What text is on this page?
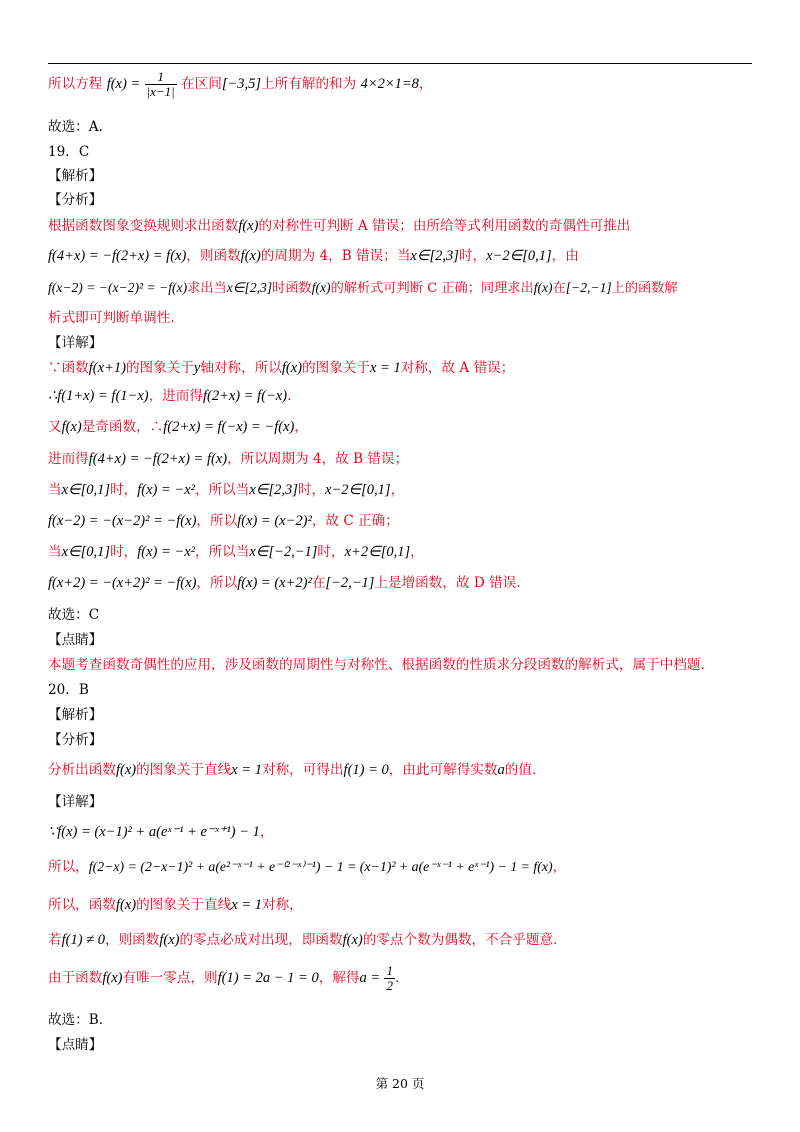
所以方程 $f(x) = \frac{1}{|x-1|}$ 在区间[−3,5]上所有解的和为 4×2×1=8，
故选：A.
19．C
【解析】
【分析】
根据函数图象变换规则求出函数f(x)的对称性可判断 A 错误；由所给等式利用函数的奇偶性可推出
f(4+x) = −f(2+x) = f(x)，则函数f(x)的周期为 4，B 错误；当x∈[2,3]时，x−2∈[0,1]，由
f(x−2) = −(x−2)² = −f(x)求出当x∈[2,3]时函数f(x)的解析式可判断 C 正确；同理求出f(x)在[−2,−1]上的函数解
析式即可判断单调性.
【详解】
∵函数f(x+1)的图象关于y轴对称，所以f(x)的图象关于x = 1对称，故 A 错误；
∴f(1+x) = f(1−x)，进而得f(2+x) = f(−x).
又f(x)是奇函数，∴f(2+x) = f(−x) = −f(x)，
进而得f(4+x) = −f(2+x) = f(x)，所以周期为 4，故 B 错误；
当x∈[0,1]时，f(x) = −x²，所以当x∈[2,3]时，x−2∈[0,1]，
f(x−2) = −(x−2)² = −f(x)，所以f(x) = (x−2)²，故 C 正确；
当x∈[0,1]时，f(x) = −x²，所以当x∈[−2,−1]时，x+2∈[0,1]，
f(x+2) = −(x+2)² = −f(x)，所以f(x) = (x+2)²在[−2,−1]上是增函数，故 D 错误.
故选：C
【点睛】
本题考查函数奇偶性的应用，涉及函数的周期性与对称性、根据函数的性质求分段函数的解析式，属于中档题.
20．B
【解析】
【分析】
分析出函数f(x)的图象关于直线x = 1对称，可得出f(1) = 0，由此可解得实数a的值.
【详解】
∵f(x) = (x−1)² + a(eˣ⁻¹ + e⁻ˣ⁺¹) − 1，
所以，f(2−x) = (2−x−1)² + a(e²⁻ˣ⁻¹ + e⁻⁽²⁻ˣ⁾⁻¹) − 1 = (x−1)² + a(e⁻ˣ⁻¹ + eˣ⁻¹) − 1 = f(x)，
所以，函数f(x)的图象关于直线x = 1对称，
若f(1) ≠ 0，则函数f(x)的零点必成对出现，即函数f(x)的零点个数为偶数，不合乎题意.
由于函数f(x)有唯一零点，则f(1) = 2a − 1 = 0，解得$a = \frac{1}{2}$ .
故选：B.
【点睛】
第 20 页
